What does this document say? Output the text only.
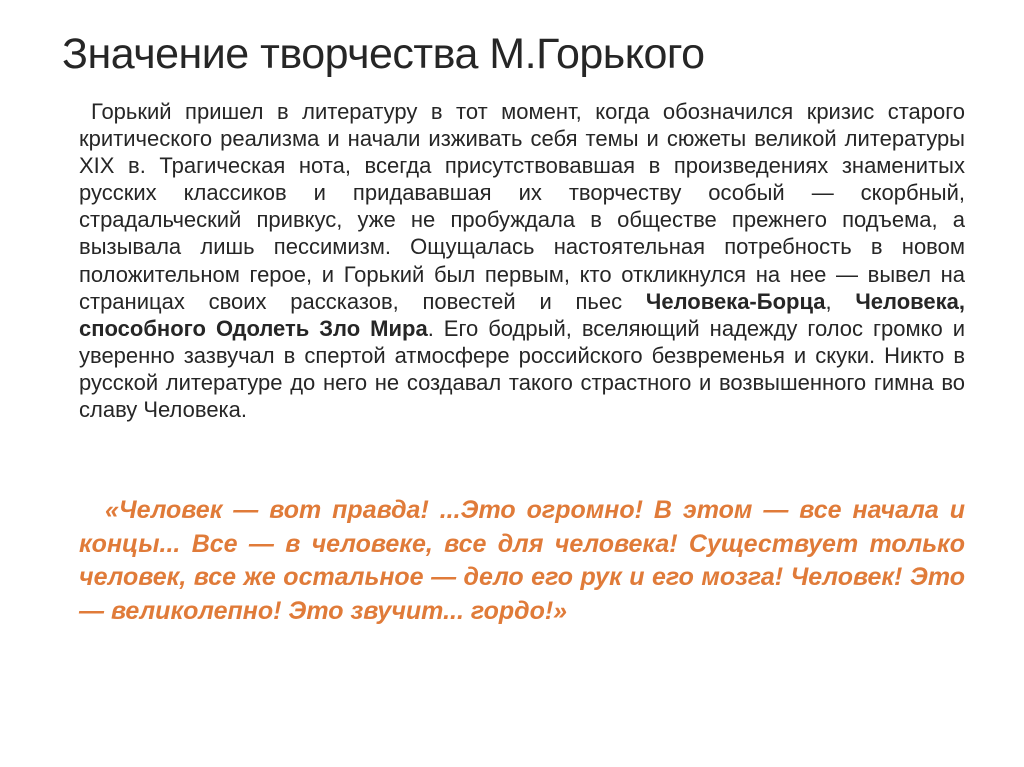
Значение творчества М.Горького

Горький пришел в литературу в тот момент, когда обозначился кризис старого критического реализма и начали изживать себя темы и сюжеты великой литературы XIX в. Трагическая нота, всегда присутствовавшая в произведениях знаменитых русских классиков и придававшая их творчеству особый — скорбный, страдальческий привкус, уже не пробуждала в обществе прежнего подъема, а вызывала лишь пессимизм. Ощущалась настоятельная потребность в новом положительном герое, и Горький был первым, кто откликнулся на нее — вывел на страницах своих рассказов, повестей и пьес Человека-Борца, Человека, способного Одолеть Зло Мира. Его бодрый, вселяющий надежду голос громко и уверенно зазвучал в спертой атмосфере российского безвременья и скуки. Никто в русской литературе до него не создавал такого страстного и возвышенного гимна во славу Человека.

«Человек — вот правда! ...Это огромно! В этом — все начала и концы... Все — в человеке, все для человека! Существует только человек, все же остальное — дело его рук и его мозга! Человек! Это — великолепно! Это звучит... гордо!»
